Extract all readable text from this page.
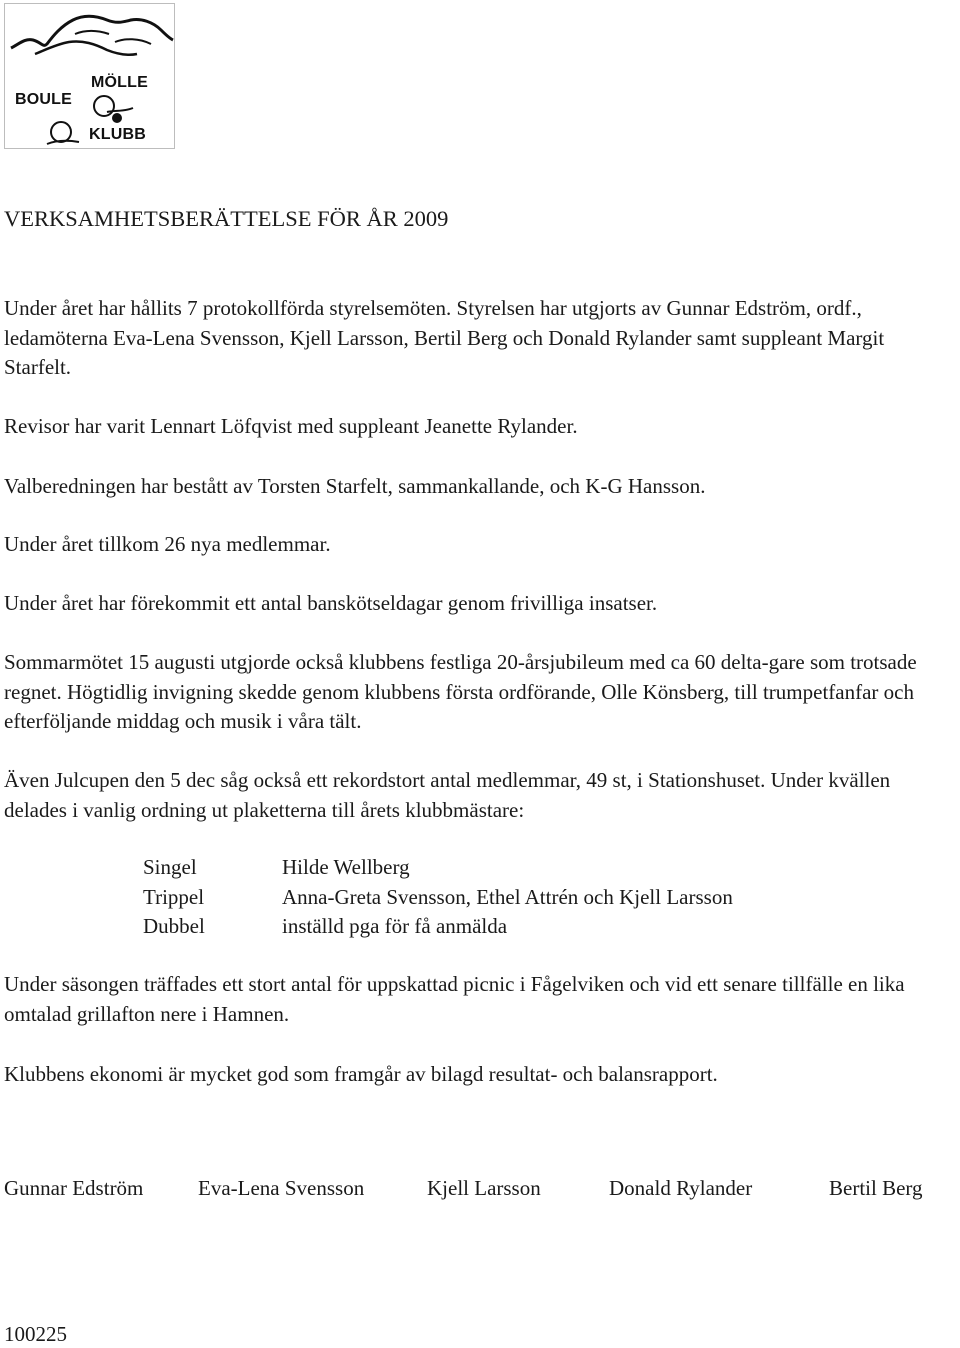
BOULE
MÖLLE
KLUBB
VERKSAMHETSBERÄTTELSE FÖR ÅR 2009

Under året har hållits 7 protokollförda styrelsemöten. Styrelsen har utgjorts av Gunnar Edström, ordf., ledamöterna Eva-Lena Svensson, Kjell Larsson, Bertil Berg och Donald Rylander samt suppleant Margit Starfelt.

Revisor har varit Lennart Löfqvist med suppleant Jeanette Rylander.

Valberedningen har bestått av Torsten Starfelt, sammankallande, och K-G Hansson.

Under året tillkom 26 nya medlemmar.

Under året har förekommit ett antal banskötseldagar genom frivilliga insatser.

Sommarmötet 15 augusti utgjorde också klubbens festliga 20-årsjubileum med ca 60 delta-gare som trotsade regnet. Högtidlig invigning skedde genom klubbens första ordförande, Olle Könsberg, till trumpetfanfar och efterföljande middag och musik i våra tält.

Även Julcupen den 5 dec såg också ett rekordstort antal medlemmar, 49 st, i Stationshuset. Under kvällen delades i vanlig ordning ut plaketterna till årets klubbmästare:

Singel	Hilde Wellberg
Trippel	Anna-Greta Svensson, Ethel Attrén och Kjell Larsson
Dubbel	inställd pga för få anmälda

Under säsongen träffades ett stort antal för uppskattad picnic i Fågelviken och vid ett senare tillfälle en lika omtalad grillafton nere i Hamnen.

Klubbens ekonomi är mycket god som framgår av bilagd resultat- och balansrapport.

Gunnar Edström	Eva-Lena Svensson	Kjell Larsson	Donald Rylander	Bertil Berg
100225
